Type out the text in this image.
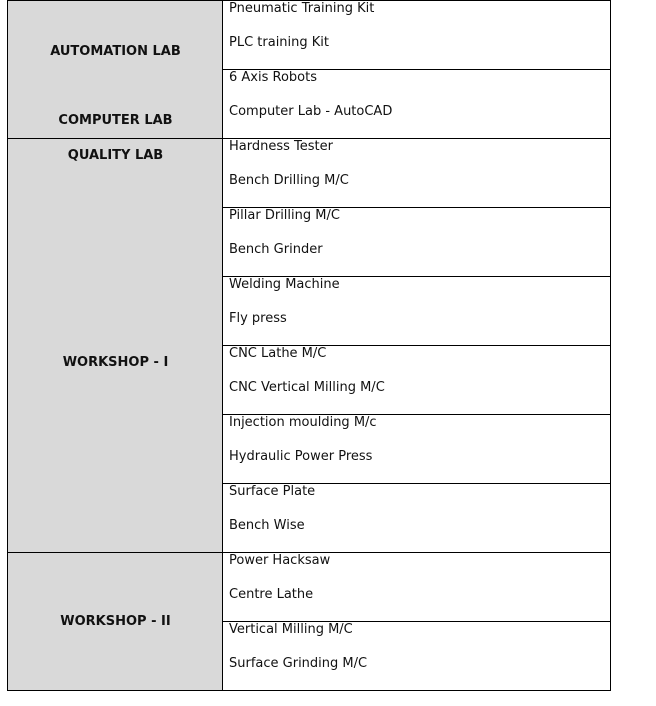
AUTOMATION LAB
COMPUTER LAB
QUALITY LAB
WORKSHOP - I
WORKSHOP - II
Pneumatic Training Kit
PLC training Kit
6 Axis Robots
Computer Lab - AutoCAD
Hardness Tester
Bench Drilling M/C
Pillar Drilling M/C
Bench Grinder
Welding Machine
Fly press
CNC Lathe M/C
CNC Vertical Milling M/C
Injection moulding M/c
Hydraulic Power Press
Surface Plate
Bench Wise
Power Hacksaw
Centre Lathe
Vertical Milling M/C
Surface Grinding M/C
